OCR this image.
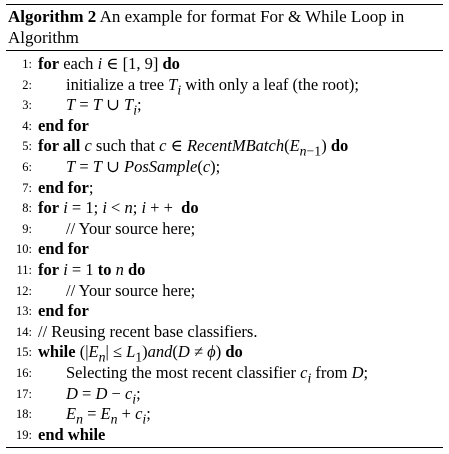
Algorithm 2 An example for format For & While Loop in Algorithm
1: for each i ∈ [1, 9] do
2: initialize a tree $T_i$ with only a leaf (the root);
3: T = T ∪ $T_i$;
4: end for
5: for all c such that c ∈ $RecentMBatch(E_{n-1})$ do
6: T = T ∪ PosSample(c);
7: end for;
8: for i = 1; i < n; i + +  do
9: // Your source here;
10: end for
11: for i = 1 to n do
12: // Your source here;
13: end for
14: // Reusing recent base classifiers.
15: while $(|E_n| \le L_1)and(D \ne \phi)$ do
16: Selecting the most recent classifier $c_i$ from D;
17: $D = D - c_i$;
18: $E_n = E_n + c_i$;
19: end while
